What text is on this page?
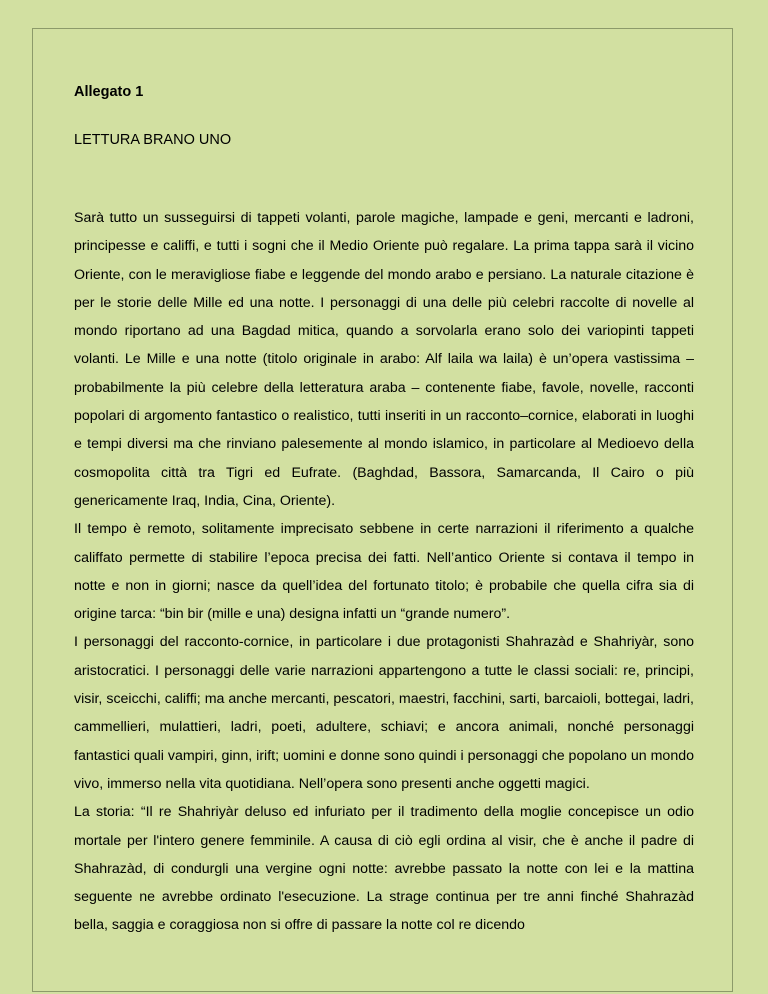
Allegato 1

LETTURA BRANO UNO

Sarà tutto un susseguirsi di tappeti volanti, parole magiche, lampade e geni, mercanti e ladroni, principesse e califfi, e tutti i sogni che il Medio Oriente può regalare. La prima tappa sarà il vicino Oriente, con le meravigliose fiabe e leggende del mondo arabo e persiano. La naturale citazione è per le storie delle Mille ed una notte. I personaggi di una delle più celebri raccolte di novelle al mondo riportano ad una Bagdad mitica, quando a sorvolarla erano solo dei variopinti tappeti volanti. Le Mille e una notte (titolo originale in arabo: Alf laila wa laila) è un’opera vastissima – probabilmente la più celebre della letteratura araba – contenente fiabe, favole, novelle, racconti popolari di argomento fantastico o realistico, tutti inseriti in un racconto–cornice, elaborati in luoghi e tempi diversi ma che rinviano palesemente al mondo islamico, in particolare al Medioevo della cosmopolita città tra Tigri ed Eufrate. (Baghdad, Bassora, Samarcanda, Il Cairo o più genericamente Iraq, India, Cina, Oriente).

Il tempo è remoto, solitamente imprecisato sebbene in certe narrazioni il riferimento a qualche califfato permette di stabilire l’epoca precisa dei fatti. Nell’antico Oriente si contava il tempo in notte e non in giorni; nasce da quell’idea del fortunato titolo; è probabile che quella cifra sia di origine tarca: “bin bir (mille e una) designa infatti un “grande numero”.

I personaggi del racconto-cornice, in particolare i due protagonisti Shahrazàd e Shahriyàr, sono aristocratici. I personaggi delle varie narrazioni appartengono a tutte le classi sociali: re, principi, visir, sceicchi, califfi; ma anche mercanti, pescatori, maestri, facchini, sarti, barcaioli, bottegai, ladri, cammellieri, mulattieri, ladri, poeti, adultere, schiavi; e ancora animali, nonché personaggi fantastici quali vampiri, ginn, irift; uomini e donne sono quindi i personaggi che popolano un mondo vivo, immerso nella vita quotidiana. Nell’opera sono presenti anche oggetti magici.

La storia: “Il re Shahriyàr deluso ed infuriato per il tradimento della moglie concepisce un odio mortale per l'intero genere femminile. A causa di ciò egli ordina al visir, che è anche il padre di Shahrazàd, di condurgli una vergine ogni notte: avrebbe passato la notte con lei e la mattina seguente ne avrebbe ordinato l'esecuzione. La strage continua per tre anni finché Shahrazàd bella, saggia e coraggiosa non si offre di passare la notte col re dicendo
